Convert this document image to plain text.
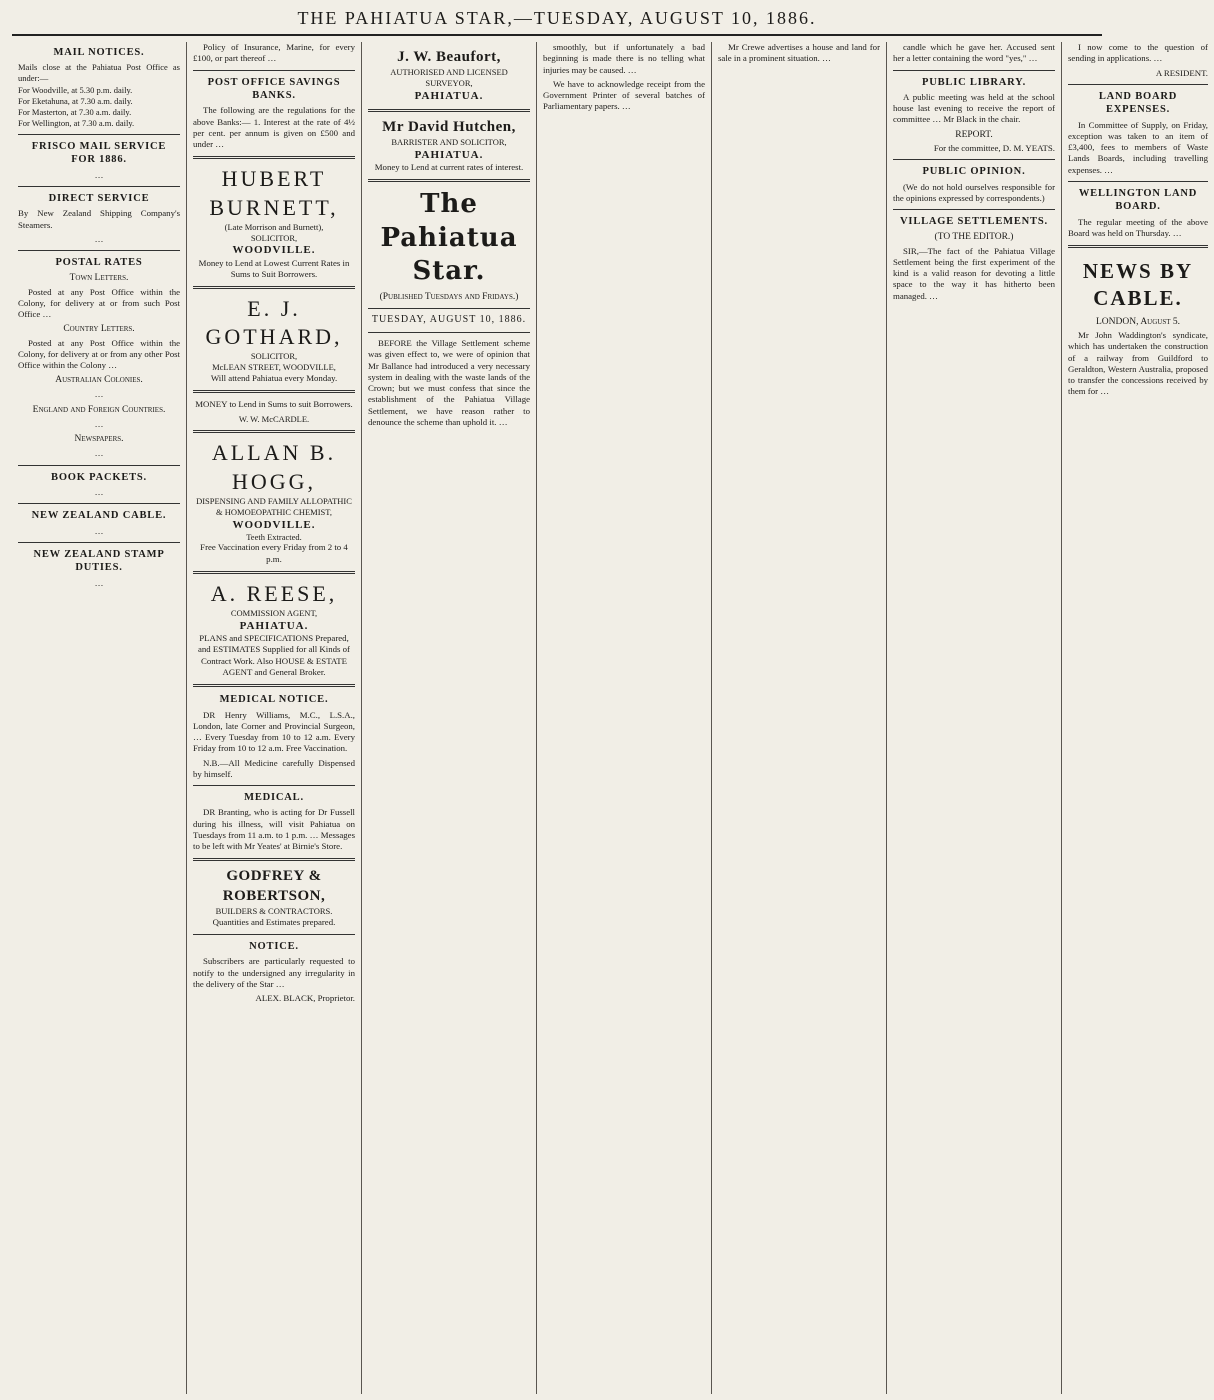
THE PAHIATUA STAR,—TUESDAY, AUGUST 10, 1886.
MAIL NOTICES.
Mails close at the Pahiatua Post Office as under:—
For Woodville, at 5.30 p.m. daily.
For Eketahuna, at 7.30 a.m. daily.
For Masterton, at 7.30 a.m. daily.
For Wellington, at 7.30 a.m. daily.
FRISCO MAIL SERVICE FOR 1886.
…
DIRECT SERVICE

By New Zealand Shipping Company's Steamers.

…
POSTAL RATES
Town Letters.

Posted at any Post Office within the Colony, for delivery at or from such Post Office …

Country Letters.

Posted at any Post Office within the Colony, for delivery at or from any other Post Office within the Colony …

Australian Colonies.
…
England and Foreign Countries.
…
Newspapers.
…
BOOK PACKETS.
…
NEW ZEALAND CABLE.
…
NEW ZEALAND STAMP DUTIES.
…

Policy of Insurance, Marine, for every £100, or part thereof …

POST OFFICE SAVINGS BANKS.

The following are the regulations for the above Banks:— 1. Interest at the rate of 4½ per cent. per annum is given on £500 and under …

HUBERT BURNETT,
(Late Morrison and Burnett),
SOLICITOR,
WOODVILLE.

Money to Lend at Lowest Current Rates in Sums to Suit Borrowers.

E. J. GOTHARD,
SOLICITOR,
McLEAN STREET, WOODVILLE,

Will attend Pahiatua every Monday.

MONEY to Lend in Sums to suit Borrowers.

W. W. McCARDLE.
ALLAN B. HOGG,
DISPENSING AND FAMILY ALLOPATHIC & HOMOEOPATHIC CHEMIST,
WOODVILLE.
Teeth Extracted.

Free Vaccination every Friday from 2 to 4 p.m.

A. REESE,
COMMISSION AGENT,
PAHIATUA.

PLANS and SPECIFICATIONS Prepared, and ESTIMATES Supplied for all Kinds of Contract Work. Also HOUSE & ESTATE AGENT and General Broker.

MEDICAL NOTICE.

DR Henry Williams, M.C., L.S.A., London, late Corner and Provincial Surgeon, … Every Tuesday from 10 to 12 a.m. Every Friday from 10 to 12 a.m. Free Vaccination.

N.B.—All Medicine carefully Dispensed by himself.

MEDICAL.

DR Branting, who is acting for Dr Fussell during his illness, will visit Pahiatua on Tuesdays from 11 a.m. to 1 p.m. … Messages to be left with Mr Yeates' at Birnie's Store.

GODFREY & ROBERTSON,
BUILDERS & CONTRACTORS.

Quantities and Estimates prepared.

NOTICE.

Subscribers are particularly requested to notify to the undersigned any irregularity in the delivery of the Star …

ALEX. BLACK, Proprietor.
J. W. Beaufort,
AUTHORISED AND LICENSED SURVEYOR,
PAHIATUA.
Mr David Hutchen,
BARRISTER AND SOLICITOR,
PAHIATUA.

Money to Lend at current rates of interest.

The Pahiatua Star.
(Published Tuesdays and Fridays.)
TUESDAY, AUGUST 10, 1886.

BEFORE the Village Settlement scheme was given effect to, we were of opinion that Mr Ballance had introduced a very necessary system in dealing with the waste lands of the Crown; but we must confess that since the establishment of the Pahiatua Village Settlement, we have reason rather to denounce the scheme than uphold it. …

smoothly, but if unfortunately a bad beginning is made there is no telling what injuries may be caused. …

We have to acknowledge receipt from the Government Printer of several batches of Parliamentary papers. …

Mr Crewe advertises a house and land for sale in a prominent situation. …

candle which he gave her. Accused sent her a letter containing the word "yes," …

PUBLIC LIBRARY.

A public meeting was held at the school house last evening to receive the report of committee … Mr Black in the chair.

REPORT.
For the committee, D. M. YEATS.
PUBLIC OPINION.

(We do not hold ourselves responsible for the opinions expressed by correspondents.)

VILLAGE SETTLEMENTS.
(TO THE EDITOR.)

SIR,—The fact of the Pahiatua Village Settlement being the first experiment of the kind is a valid reason for devoting a little space to the way it has hitherto been managed. …

I now come to the question of sending in applications. …

A RESIDENT.
LAND BOARD EXPENSES.

In Committee of Supply, on Friday, exception was taken to an item of £3,400, fees to members of Waste Lands Boards, including travelling expenses. …

WELLINGTON LAND BOARD.

The regular meeting of the above Board was held on Thursday. …

NEWS BY CABLE.
LONDON, August 5.

Mr John Waddington's syndicate, which has undertaken the construction of a railway from Guildford to Geraldton, Western Australia, proposed to transfer the concessions received by them for …
